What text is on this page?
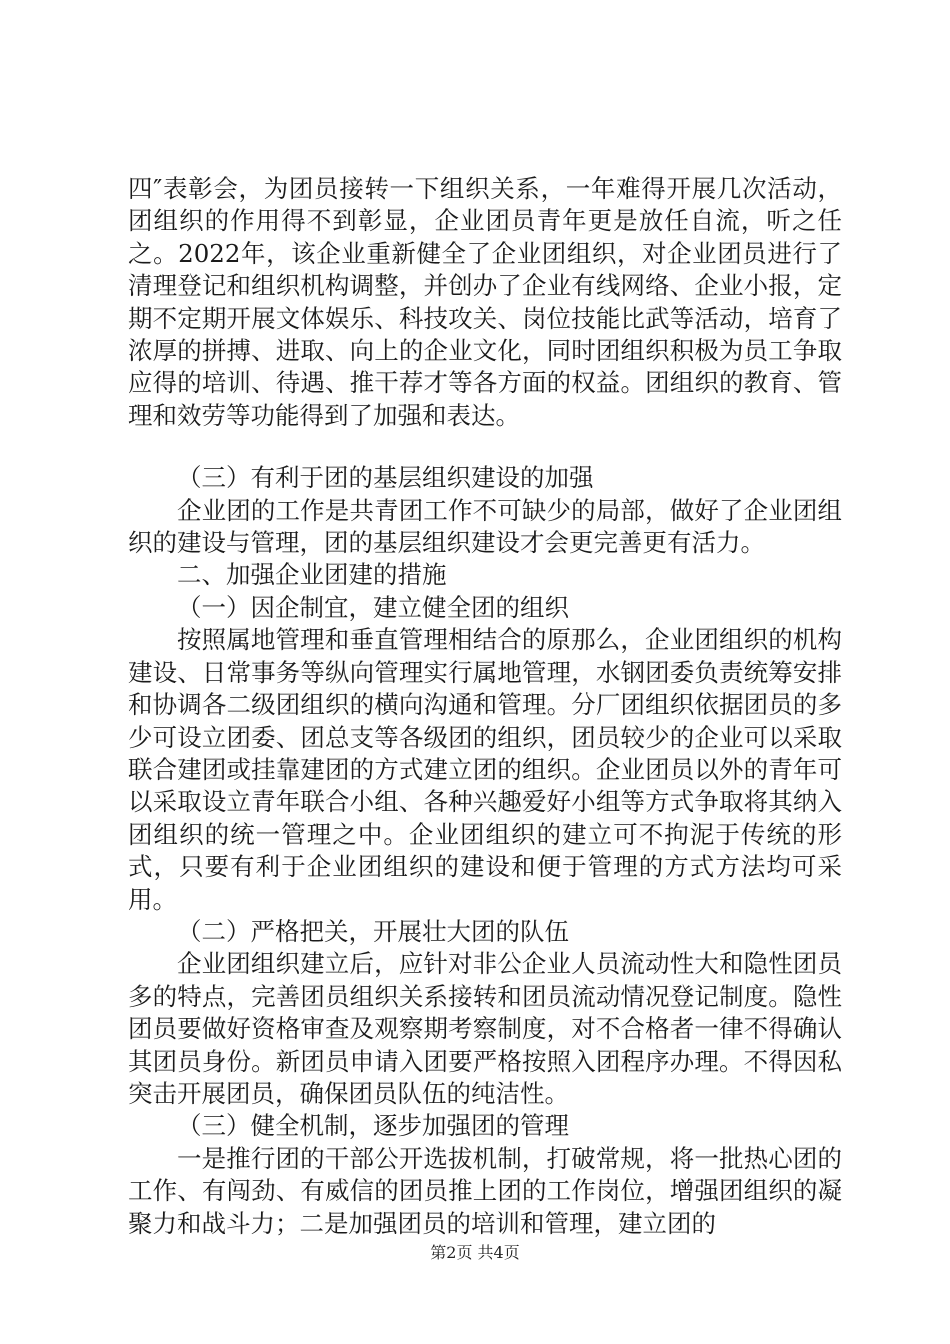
四″表彰会，为团员接转一下组织关系，一年难得开展几次活动，团组织的作用得不到彰显，企业团员青年更是放任自流，听之任之。2022年，该企业重新健全了企业团组织，对企业团员进行了清理登记和组织机构调整，并创办了企业有线网络、企业小报，定期不定期开展文体娱乐、科技攻关、岗位技能比武等活动，培育了浓厚的拼搏、进取、向上的企业文化，同时团组织积极为员工争取应得的培训、待遇、推干荐才等各方面的权益。团组织的教育、管理和效劳等功能得到了加强和表达。

（三）有利于团的基层组织建设的加强

企业团的工作是共青团工作不可缺少的局部，做好了企业团组织的建设与管理，团的基层组织建设才会更完善更有活力。

二、加强企业团建的措施

（一）因企制宜，建立健全团的组织

按照属地管理和垂直管理相结合的原那么，企业团组织的机构建设、日常事务等纵向管理实行属地管理，水钢团委负责统筹安排和协调各二级团组织的横向沟通和管理。分厂团组织依据团员的多少可设立团委、团总支等各级团的组织，团员较少的企业可以采取联合建团或挂靠建团的方式建立团的组织。企业团员以外的青年可以采取设立青年联合小组、各种兴趣爱好小组等方式争取将其纳入团组织的统一管理之中。企业团组织的建立可不拘泥于传统的形式，只要有利于企业团组织的建设和便于管理的方式方法均可采用。

（二）严格把关，开展壮大团的队伍

企业团组织建立后，应针对非公企业人员流动性大和隐性团员多的特点，完善团员组织关系接转和团员流动情况登记制度。隐性团员要做好资格审查及观察期考察制度，对不合格者一律不得确认其团员身份。新团员申请入团要严格按照入团程序办理。不得因私突击开展团员，确保团员队伍的纯洁性。

（三）健全机制，逐步加强团的管理

一是推行团的干部公开选拔机制，打破常规，将一批热心团的工作、有闯劲、有威信的团员推上团的工作岗位，增强团组织的凝聚力和战斗力；二是加强团员的培训和管理，建立团的

第2页 共4页
